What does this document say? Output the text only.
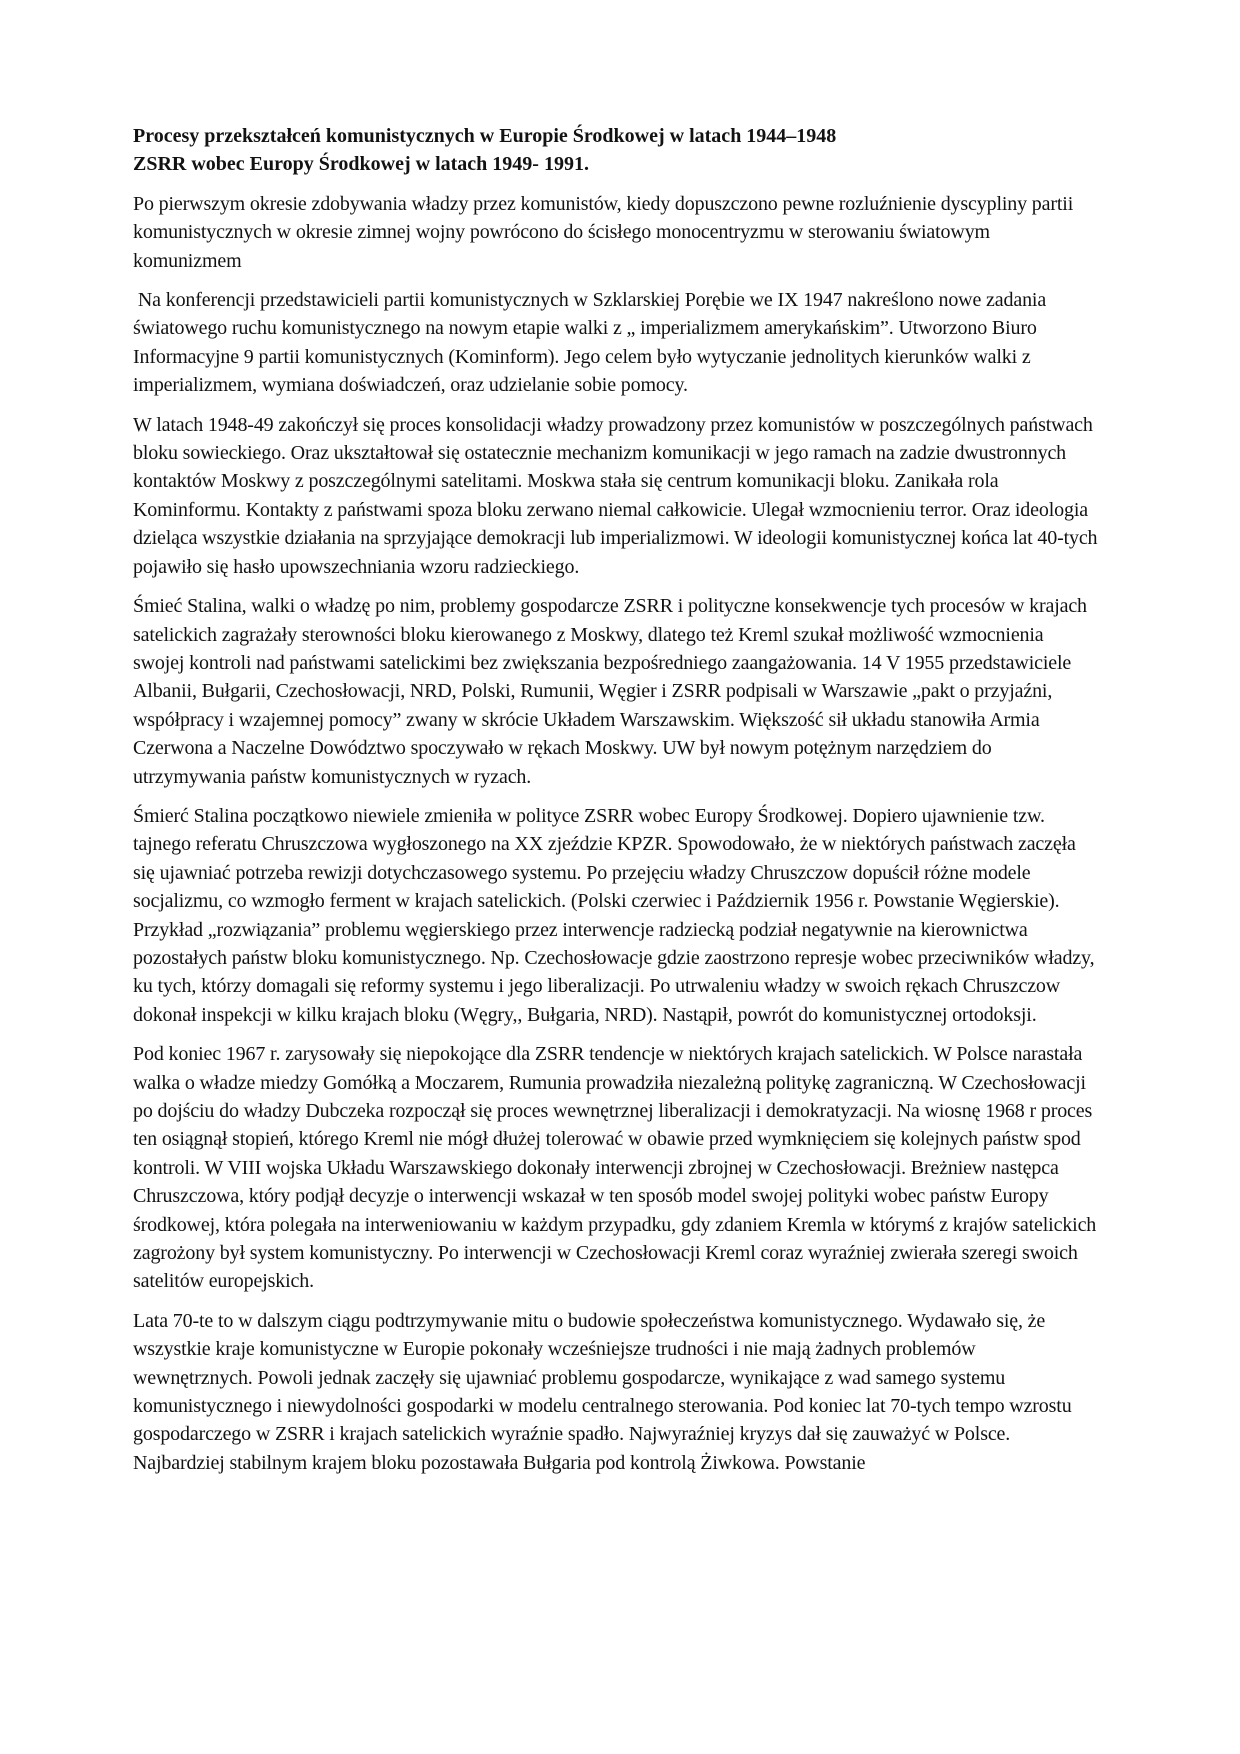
Procesy przekształceń komunistycznych w Europie Środkowej w latach 1944–1948
ZSRR wobec Europy Środkowej w latach 1949- 1991.

Po pierwszym okresie zdobywania władzy przez komunistów, kiedy dopuszczono pewne rozluźnienie dyscypliny partii komunistycznych w okresie zimnej wojny powrócono do ścisłego monocentryzmu w sterowaniu światowym komunizmem

Na konferencji przedstawicieli partii komunistycznych w Szklarskiej Porębie we IX 1947 nakreślono nowe zadania światowego ruchu komunistycznego na nowym etapie walki z „ imperializmem amerykańskim”. Utworzono Biuro Informacyjne 9 partii komunistycznych (Kominform). Jego celem było wytyczanie jednolitych kierunków walki z imperializmem, wymiana doświadczeń, oraz udzielanie sobie pomocy.

W latach 1948-49 zakończył się proces konsolidacji władzy prowadzony przez komunistów w poszczególnych państwach bloku sowieckiego. Oraz ukształtował się ostatecznie mechanizm komunikacji w jego ramach na zadzie dwustronnych kontaktów Moskwy z poszczególnymi satelitami. Moskwa stała się centrum komunikacji bloku. Zanikała rola Kominformu. Kontakty z państwami spoza bloku zerwano niemal całkowicie. Ulegał wzmocnieniu terror. Oraz ideologia dzieląca wszystkie działania na sprzyjające demokracji lub imperializmowi. W ideologii komunistycznej końca lat 40-tych pojawiło się hasło upowszechniania wzoru radzieckiego.

Śmieć Stalina, walki o władzę po nim, problemy gospodarcze ZSRR i polityczne konsekwencje tych procesów w krajach satelickich zagrażały sterowności bloku kierowanego z Moskwy, dlatego też Kreml szukał możliwość wzmocnienia swojej kontroli nad państwami satelickimi bez zwiększania bezpośredniego zaangażowania. 14 V 1955 przedstawiciele Albanii, Bułgarii, Czechosłowacji, NRD, Polski, Rumunii, Węgier i ZSRR podpisali w Warszawie „pakt o przyjaźni, współpracy i wzajemnej pomocy” zwany w skrócie Układem Warszawskim. Większość sił układu stanowiła Armia Czerwona a Naczelne Dowództwo spoczywało w rękach Moskwy. UW był nowym potężnym narzędziem do utrzymywania państw komunistycznych w ryzach.

Śmierć Stalina początkowo niewiele zmieniła w polityce ZSRR wobec Europy Środkowej. Dopiero ujawnienie tzw. tajnego referatu Chruszczowa wygłoszonego na XX zjeździe KPZR. Spowodowało, że w niektórych państwach zaczęła się ujawniać potrzeba rewizji dotychczasowego systemu. Po przejęciu władzy Chruszczow dopuścił różne modele socjalizmu, co wzmogło ferment w krajach satelickich. (Polski czerwiec i Październik 1956 r. Powstanie Węgierskie). Przykład „rozwiązania” problemu węgierskiego przez interwencje radziecką podział negatywnie na kierownictwa pozostałych państw bloku komunistycznego. Np. Czechosłowacje gdzie zaostrzono represje wobec przeciwników władzy, ku tych, którzy domagali się reformy systemu i jego liberalizacji. Po utrwaleniu władzy w swoich rękach Chruszczow dokonał inspekcji w kilku krajach bloku (Węgry,, Bułgaria, NRD). Nastąpił, powrót do komunistycznej ortodoksji.

Pod koniec 1967 r. zarysowały się niepokojące dla ZSRR tendencje w niektórych krajach satelickich. W Polsce narastała walka o władze miedzy Gomółką a Moczarem, Rumunia prowadziła niezależną politykę zagraniczną. W Czechosłowacji po dojściu do władzy Dubczeka rozpoczął się proces wewnętrznej liberalizacji i demokratyzacji. Na wiosnę 1968 r proces ten osiągnął stopień, którego Kreml nie mógł dłużej tolerować w obawie przed wymknięciem się kolejnych państw spod kontroli. W VIII wojska Układu Warszawskiego dokonały interwencji zbrojnej w Czechosłowacji. Breżniew następca Chruszczowa, który podjął decyzje o interwencji wskazał w ten sposób model swojej polityki wobec państw Europy środkowej, która polegała na interweniowaniu w każdym przypadku, gdy zdaniem Kremla w którymś z krajów satelickich zagrożony był system komunistyczny. Po interwencji w Czechosłowacji Kreml coraz wyraźniej zwierała szeregi swoich satelitów europejskich.

Lata 70-te to w dalszym ciągu podtrzymywanie mitu o budowie społeczeństwa komunistycznego. Wydawało się, że wszystkie kraje komunistyczne w Europie pokonały wcześniejsze trudności i nie mają żadnych problemów wewnętrznych. Powoli jednak zaczęły się ujawniać problemu gospodarcze, wynikające z wad samego systemu komunistycznego i niewydolności gospodarki w modelu centralnego sterowania. Pod koniec lat 70-tych tempo wzrostu gospodarczego w ZSRR i krajach satelickich wyraźnie spadło. Najwyraźniej kryzys dał się zauważyć w Polsce. Najbardziej stabilnym krajem bloku pozostawała Bułgaria pod kontrolą Żiwkowa. Powstanie
